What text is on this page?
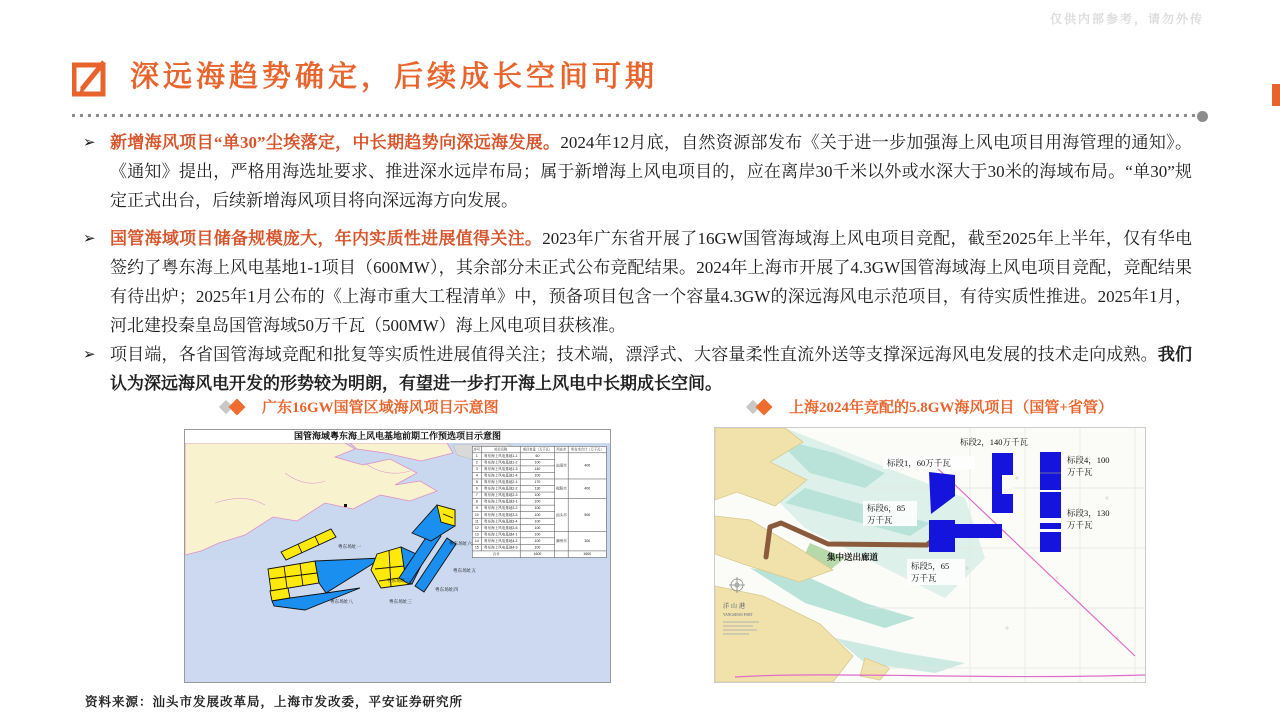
仅供内部参考，请勿外传
深远海趋势确定，后续成长空间可期
➢ 新增海风项目“单30”尘埃落定，中长期趋势向深远海发展。2024年12月底，自然资源部发布《关于进一步加强海上风电项目用海管理的通知》。《通知》提出，严格用海选址要求、推进深水远岸布局；属于新增海上风电项目的，应在离岸30千米以外或水深大于30米的海域布局。“单30”规定正式出台，后续新增海风项目将向深远海方向发展。
➢ 国管海域项目储备规模庞大，年内实质性进展值得关注。2023年广东省开展了16GW国管海域海上风电项目竞配，截至2025年上半年，仅有华电签约了粤东海上风电基地1-1项目（600MW），其余部分未正式公布竞配结果。2024年上海市开展了4.3GW国管海域海上风电项目竞配，竞配结果有待出炉；2025年1月公布的《上海市重大工程清单》中，预备项目包含一个容量4.3GW的深远海风电示范项目，有待实质性推进。2025年1月，河北建投秦皇岛国管海域50万千瓦（500MW）海上风电项目获核准。
➢ 项目端，各省国管海域竞配和批复等实质性进展值得关注；技术端，漂浮式、大容量柔性直流外送等支撑深远海风电发展的技术走向成熟。我们认为深远海风电开发的形势较为明朗，有望进一步打开海上风电中长期成长空间。
广东16GW国管区域海风项目示意图	上海2024年竞配的5.8GW海风项目（国管+省管）
国管海域粤东海上风电基地前期工作预选项目示意图
粤东场址一
粤东场址二
粤东场址三
粤东场址四
粤东场址五
粤东场址六
粤东场址八
序号	项目名称	项目容量（万千瓦）	所在市	所在市合计（万千瓦）
1	粤东海上风电基地1-1	60	汕尾市	400
2	粤东海上风电基地1-2	100		
3	粤东海上风电基地1-3	140		
4	粤东海上风电基地1-4	100		
5	粤东海上风电基地2-1	170	揭阳市	400
6	粤东海上风电基地2-2	130		
7	粤东海上风电基地2-3	100		
8	粤东海上风电基地3-1	100	汕头市	500
9	粤东海上风电基地3-2	100		
10	粤东海上风电基地3-3	100		
11	粤东海上风电基地3-4	100		
12	粤东海上风电基地3-5	100		
13	粤东海上风电基地4-1	100	潮州市	300
14	粤东海上风电基地4-2	100		
15	粤东海上风电基地4-3	100		
合计		1600		1600
标段1，60万千瓦
标段2，140万千瓦
标段3，130
万千瓦
标段4，100
万千瓦
标段5，65
万千瓦
标段6，85
万千瓦
集中送出廊道
洋山港
YANGSHAN PORT
资料来源：汕头市发展改革局，上海市发改委，平安证券研究所
